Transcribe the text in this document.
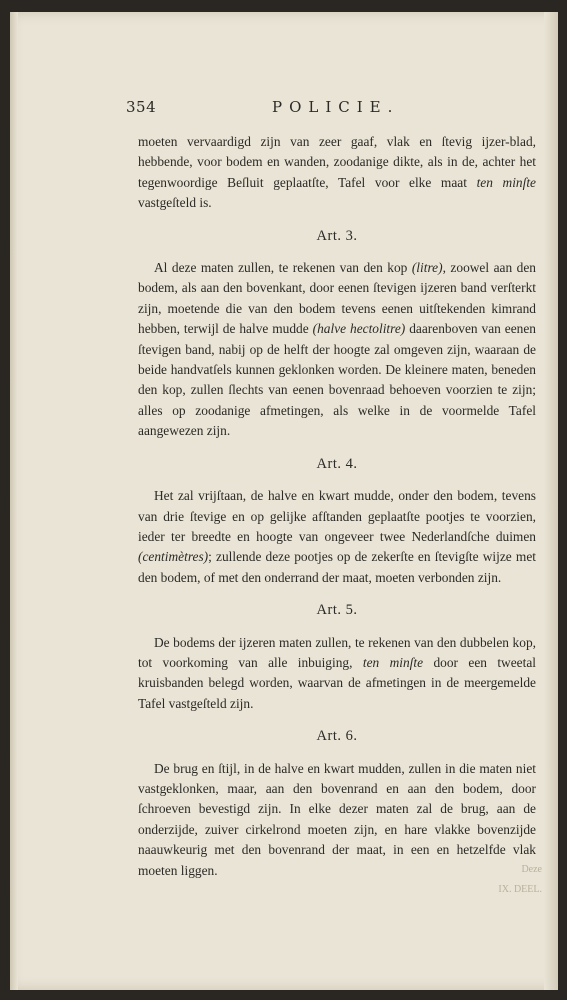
354	POLICIE.

moeten vervaardigd zijn van zeer gaaf, vlak en ſtevig ijzer-blad, hebbende, voor bodem en wanden, zoodanige dikte, als in de, achter het tegenwoordige Beſluit geplaatſte, Tafel voor elke maat ten minſte vastgeſteld is.

Art. 3.

Al deze maten zullen, te rekenen van den kop (litre), zoowel aan den bodem, als aan den bovenkant, door eenen ſtevigen ijzeren band verſterkt zijn, moetende die van den bodem tevens eenen uitſtekenden kimrand hebben, terwijl de halve mudde (halve hectolitre) daarenboven van eenen ſtevigen band, nabij op de helft der hoogte zal omgeven zijn, waaraan de beide handvatſels kunnen geklonken worden. De kleinere maten, beneden den kop, zullen ſlechts van eenen bovenraad behoeven voorzien te zijn; alles op zoodanige afmetingen, als welke in de voormelde Tafel aangewezen zijn.

Art. 4.

Het zal vrijſtaan, de halve en kwart mudde, onder den bodem, tevens van drie ſtevige en op gelijke afſtanden geplaatſte pootjes te voorzien, ieder ter breedte en hoogte van ongeveer twee Nederlandſche duimen (centimètres); zullende deze pootjes op de zekerſte en ſtevigſte wijze met den bodem, of met den onderrand der maat, moeten verbonden zijn.

Art. 5.

De bodems der ijzeren maten zullen, te rekenen van den dubbelen kop, tot voorkoming van alle inbuiging, ten minſte door een tweetal kruisbanden belegd worden, waarvan de afmetingen in de meergemelde Tafel vastgeſteld zijn.

Art. 6.

De brug en ſtijl, in de halve en kwart mudden, zullen in die maten niet vastgeklonken, maar, aan den bovenrand en aan den bodem, door ſchroeven bevestigd zijn. In elke dezer maten zal de brug, aan de onderzijde, zuiver cirkelrond moeten zijn, en hare vlakke bovenzijde naauwkeurig met den bovenrand der maat, in een en hetzelfde vlak moeten liggen.	Deze
IX. DEEL.
